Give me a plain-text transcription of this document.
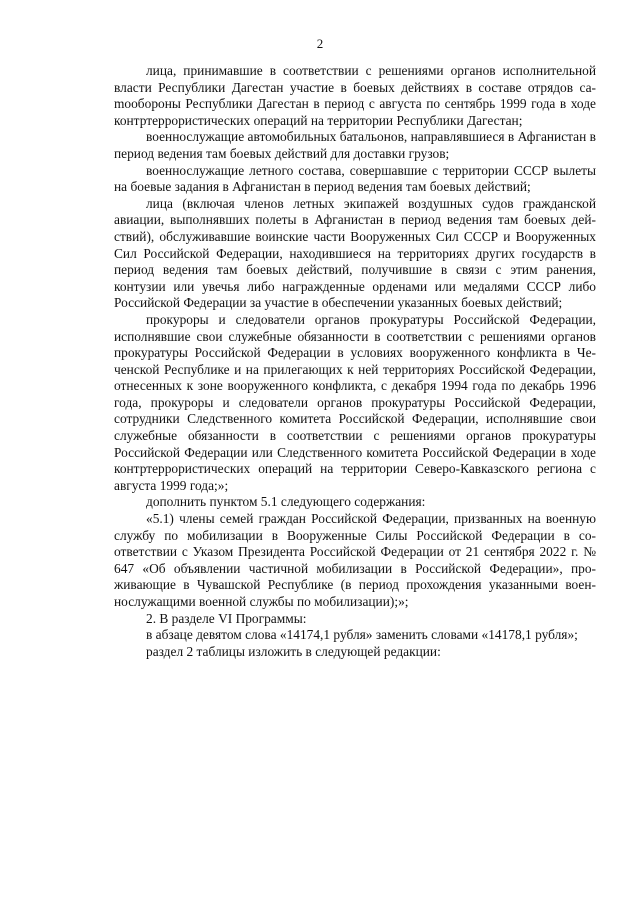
2

лица, принимавшие в соответствии с решениями органов исполнительной власти Республики Дагестан участие в боевых действиях в составе отрядов саmообороны Республики Дагестан в период с августа по сентябрь 1999 года в ходе контртеррористических операций на территории Республики Дагестан;

военнослужащие автомобильных батальонов, направлявшиеся в Афганистан в период ведения там боевых действий для доставки грузов;

военнослужащие летного состава, совершавшие с территории СССР вылеты на боевые задания в Афганистан в период ведения там боевых действий;

лица (включая членов летных экипажей воздушных судов гражданской авиации, выполнявших полеты в Афганистан в период ведения там боевых действий), обслуживавшие воинские части Вооруженных Сил СССР и Вооруженных Сил Российской Федерации, находившиеся на территориях других государств в период ведения там боевых действий, получившие в связи с этим ранения, контузии или увечья либо награжденные орденами или медалями СССР либо Российской Федерации за участие в обеспечении указанных боевых действий;

прокуроры и следователи органов прокуратуры Российской Федерации, исполнявшие свои служебные обязанности в соответствии с решениями органов прокуратуры Российской Федерации в условиях вооруженного конфликта в Чеченской Республике и на прилегающих к ней территориях Российской Федерации, отнесенных к зоне вооруженного конфликта, с декабря 1994 года по декабрь 1996 года, прокуроры и следователи органов прокуратуры Российской Федерации, сотрудники Следственного комитета Российской Федерации, исполнявшие свои служебные обязанности в соответствии с решениями органов прокуратуры Российской Федерации или Следственного комитета Российской Федерации в ходе контртеррористических операций на территории Северо-Кавказского региона с августа 1999 года;»;

дополнить пунктом 5.1 следующего содержания:

«5.1) члены семей граждан Российской Федерации, призванных на военную службу по мобилизации в Вооруженные Силы Российской Федерации в соответствии с Указом Президента Российской Федерации от 21 сентября 2022 г. № 647 «Об объявлении частичной мобилизации в Российской Федерации», проживающие в Чувашской Республике (в период прохождения указанными военнослужащими военной службы по мобилизации);»;

2. В разделе VI Программы:

в абзаце девятом слова «14174,1 рубля» заменить словами «14178,1 рубля»;

раздел 2 таблицы изложить в следующей редакции:
